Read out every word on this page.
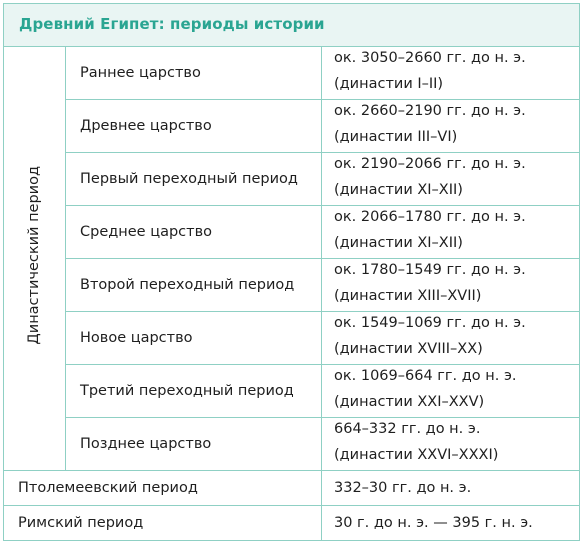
Древний Египет: периоды истории		
Династический период	Раннее царство	ок. 3050–2660 гг. до н. э.
(династии I–II)

	Древнее царство	ок. 2660–2190 гг. до н. э.
(династии III–VI)

	Первый переходный период	ок. 2190–2066 гг. до н. э.
(династии XI–XII)

	Среднее царство	ок. 2066–1780 гг. до н. э.
(династии XI–XII)

	Второй переходный период	ок. 1780–1549 гг. до н. э.
(династии XIII–XVII)

	Новое царство	ок. 1549–1069 гг. до н. э.
(династии XVIII–XX)

	Третий переходный период	ок. 1069–664 гг. до н. э.
(династии XXI–XXV)

	Позднее царство	664–332 гг. до н. э.
(династии XXVI–XXXI)

Птолемеевский период		332–30 гг. до н. э.
Римский период		30 г. до н. э. — 395 г. н. э.
